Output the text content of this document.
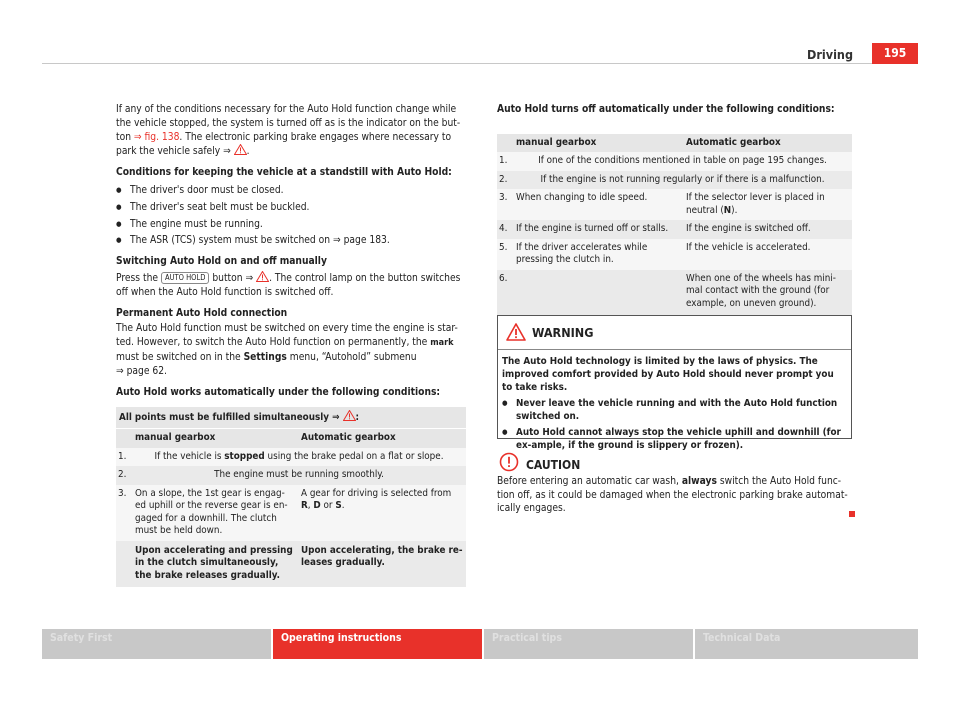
Driving	195

If any of the conditions necessary for the Auto Hold function change while the vehicle stopped, the system is turned off as is the indicator on the but-ton ⇒ fig. 138. The electronic parking brake engages where necessary to park the vehicle safely ⇒
.

Conditions for keeping the vehicle at a standstill with Auto Hold:

● The driver's door must be closed.
● The driver's seat belt must be buckled.
● The engine must be running.
● The ASR (TCS) system must be switched on ⇒ page 183.

Switching Auto Hold on and off manually

Press the AUTO HOLD button ⇒
. The control lamp on the button switches off when the Auto Hold function is switched off.

Permanent Auto Hold connection

The Auto Hold function must be switched on every time the engine is star-ted. However, to switch the Auto Hold function on permanently, the mark must be switched on in the Settings menu, “Autohold” submenu
⇒ page 62.

Auto Hold works automatically under the following conditions:

All points must be fulfilled simultaneously ⇒
:
	manual gearbox	Automatic gearbox
1.	If the vehicle is stopped using the brake pedal on a flat or slope.	
2.	The engine must be running smoothly.	
3.	On a slope, the 1st gear is engag-ed uphill or the reverse gear is en-gaged for a downhill. The clutch must be held down.	A gear for driving is selected from R, D or S.
	Upon accelerating and pressing in the clutch simultaneously, the brake releases gradually.	Upon accelerating, the brake re-leases gradually.

Auto Hold turns off automatically under the following conditions:

	manual gearbox	Automatic gearbox
1.	If one of the conditions mentioned in table on page 195 changes.	
2.	If the engine is not running regularly or if there is a malfunction.	
3.	When changing to idle speed.	If the selector lever is placed in neutral (N).
4.	If the engine is turned off or stalls.	If the engine is switched off.
5.	If the driver accelerates while pressing the clutch in.	If the vehicle is accelerated.
6.		When one of the wheels has mini-mal contact with the ground (for example, on uneven ground).
WARNING
The Auto Hold technology is limited by the laws of physics. The improved comfort provided by Auto Hold should never prompt you to take risks.
● Never leave the vehicle running and with the Auto Hold function switched on.
● Auto Hold cannot always stop the vehicle uphill and downhill (for ex-ample, if the ground is slippery or frozen).
CAUTION
Before entering an automatic car wash, always switch the Auto Hold func-tion off, as it could be damaged when the electronic parking brake automat-ically engages.
Safety First	Operating instructions	Practical tips	Technical Data
